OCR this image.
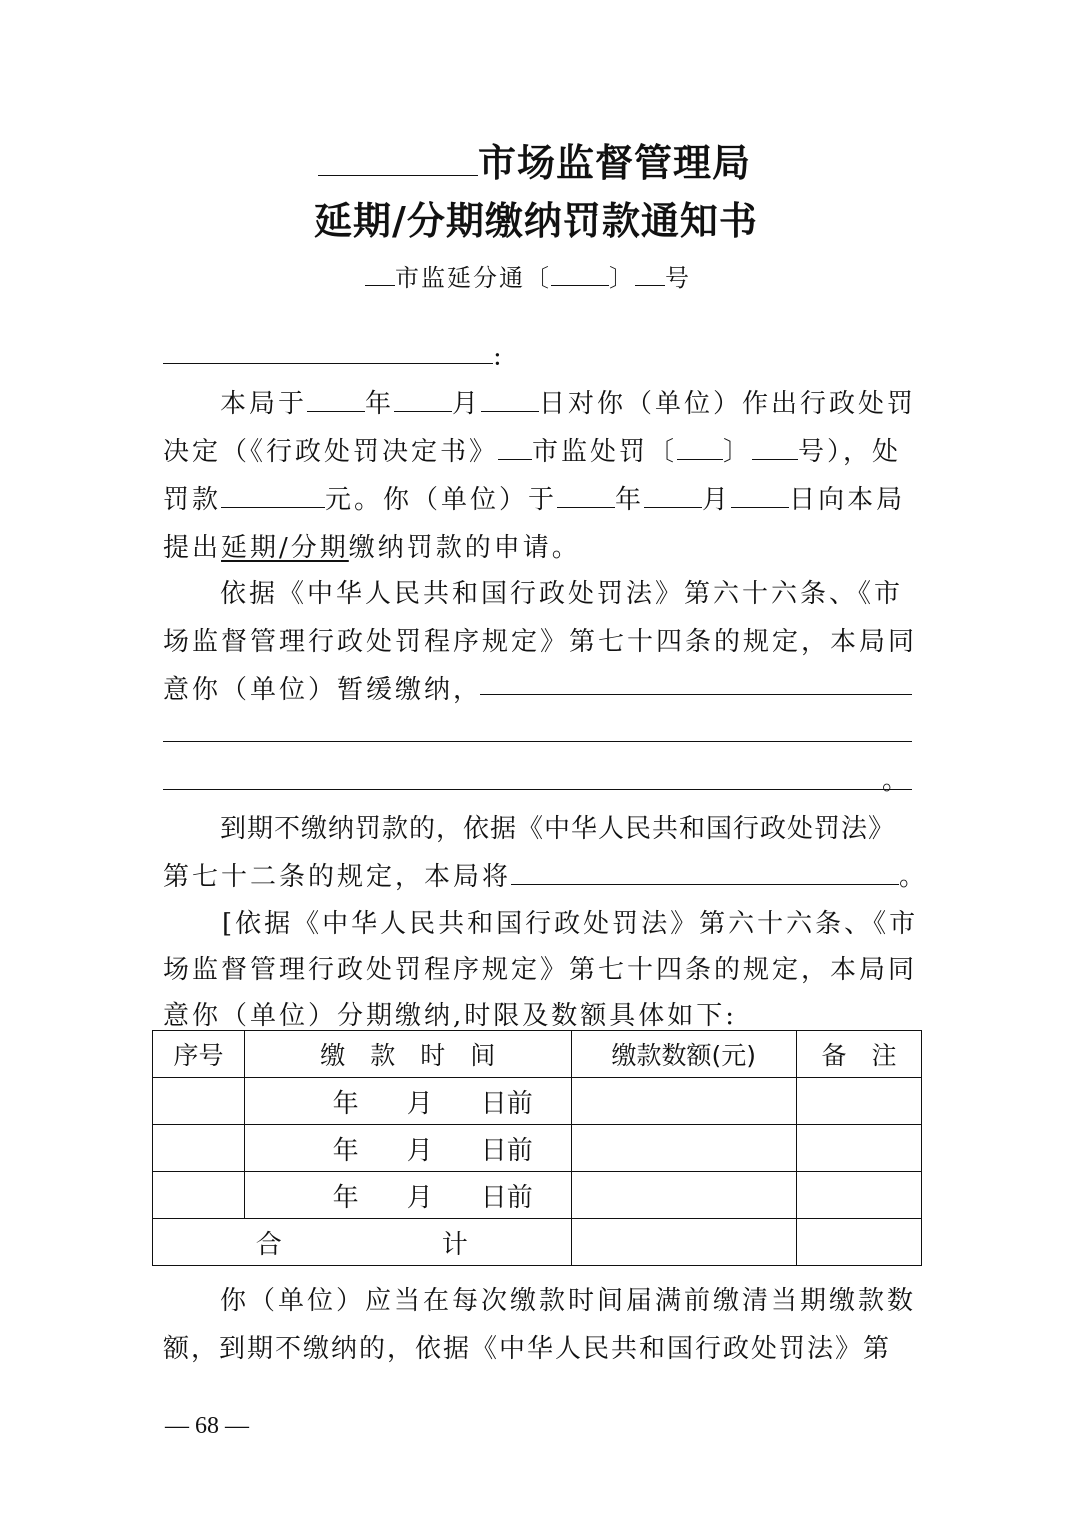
市场监督管理局
延期/分期缴纳罚款通知书
市监延分通〔 〕 号
:
本局于 年 月 日对你（单位）作出行政处罚
决定（《行政处罚决定书》 市监处罚〔 〕 号），处
罚款	元。你（单位）于 年 月 日向本局
提出延期/分期缴纳罚款的申请。
依据《中华人民共和国行政处罚法》第六十六条、《市
场监督管理行政处罚程序规定》第七十四条的规定，本局同
意你（单位）暂缓缴纳，
。
到期不缴纳罚款的，依据《中华人民共和国行政处罚法》
第七十二条的规定，本局将	。
[依据《中华人民共和国行政处罚法》第六十六条、《市
场监督管理行政处罚程序规定》第七十四条的规定，本局同
意你（单位）分期缴纳,时限及数额具体如下:
序号	缴　款　时　间	缴款数额(元)	备　注
	年 月 日前		
	年 月 日前		
	年 月 日前		
合 计			
你（单位）应当在每次缴款时间届满前缴清当期缴款数
额，到期不缴纳的，依据《中华人民共和国行政处罚法》第
— 68 —
